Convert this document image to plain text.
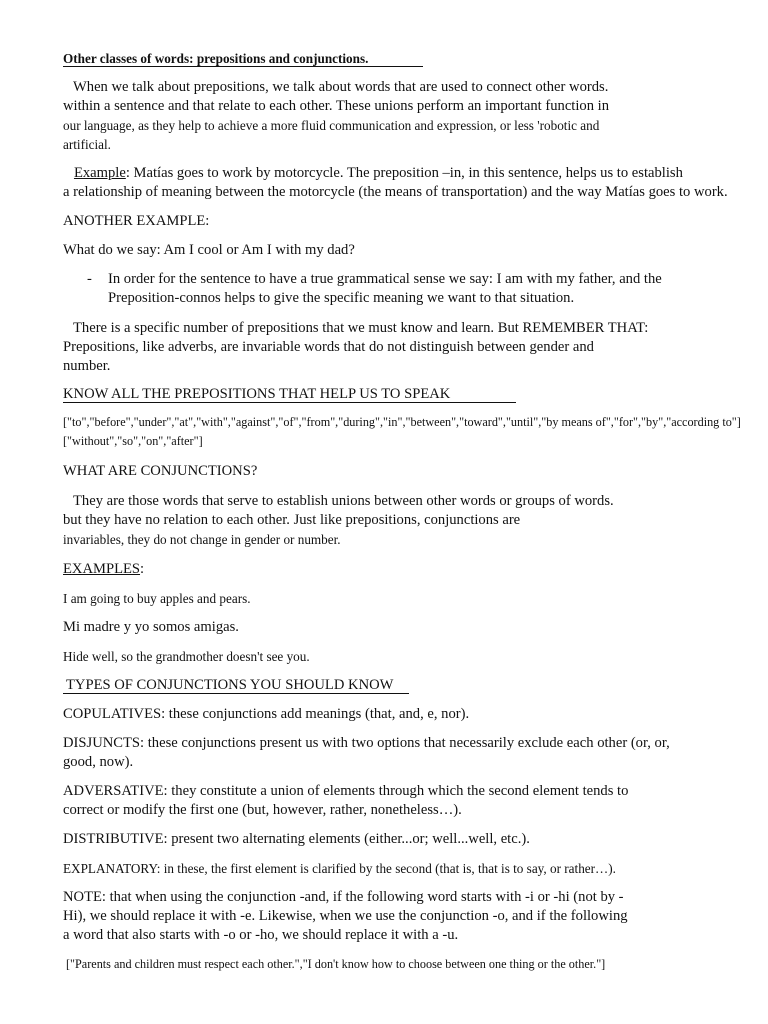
Other classes of words: prepositions and conjunctions.
When we talk about prepositions, we talk about words that are used to connect other words.
within a sentence and that relate to each other. These unions perform an important function in
our language, as they help to achieve a more fluid communication and expression, or less 'robotic and
artificial.
Example: Matías goes to work by motorcycle. The preposition –in, in this sentence, helps us to establish
a relationship of meaning between the motorcycle (the means of transportation) and the way Matías goes to work.
ANOTHER EXAMPLE:
What do we say: Am I cool or Am I with my dad?
- In order for the sentence to have a true grammatical sense we say: I am with my father, and the
Preposition-connos helps to give the specific meaning we want to that situation.
There is a specific number of prepositions that we must know and learn. But REMEMBER THAT:
Prepositions, like adverbs, are invariable words that do not distinguish between gender and
number.
KNOW ALL THE PREPOSITIONS THAT HELP US TO SPEAK
["to","before","under","at","with","against","of","from","during","in","between","toward","until","by means of","for","by","according to"]
["without","so","on","after"]
WHAT ARE CONJUNCTIONS?
They are those words that serve to establish unions between other words or groups of words.
but they have no relation to each other. Just like prepositions, conjunctions are
invariables, they do not change in gender or number.
EXAMPLES:
I am going to buy apples and pears.
Mi madre y yo somos amigas.
Hide well, so the grandmother doesn't see you.
TYPES OF CONJUNCTIONS YOU SHOULD KNOW
COPULATIVES: these conjunctions add meanings (that, and, e, nor).
DISJUNCTS: these conjunctions present us with two options that necessarily exclude each other (or, or,
good, now).
ADVERSATIVE: they constitute a union of elements through which the second element tends to
correct or modify the first one (but, however, rather, nonetheless…).
DISTRIBUTIVE: present two alternating elements (either...or; well...well, etc.).
EXPLANATORY: in these, the first element is clarified by the second (that is, that is to say, or rather…).
NOTE: that when using the conjunction -and, if the following word starts with -i or -hi (not by -
Hi), we should replace it with -e. Likewise, when we use the conjunction -o, and if the following
a word that also starts with -o or -ho, we should replace it with a -u.
["Parents and children must respect each other.","I don't know how to choose between one thing or the other."]
